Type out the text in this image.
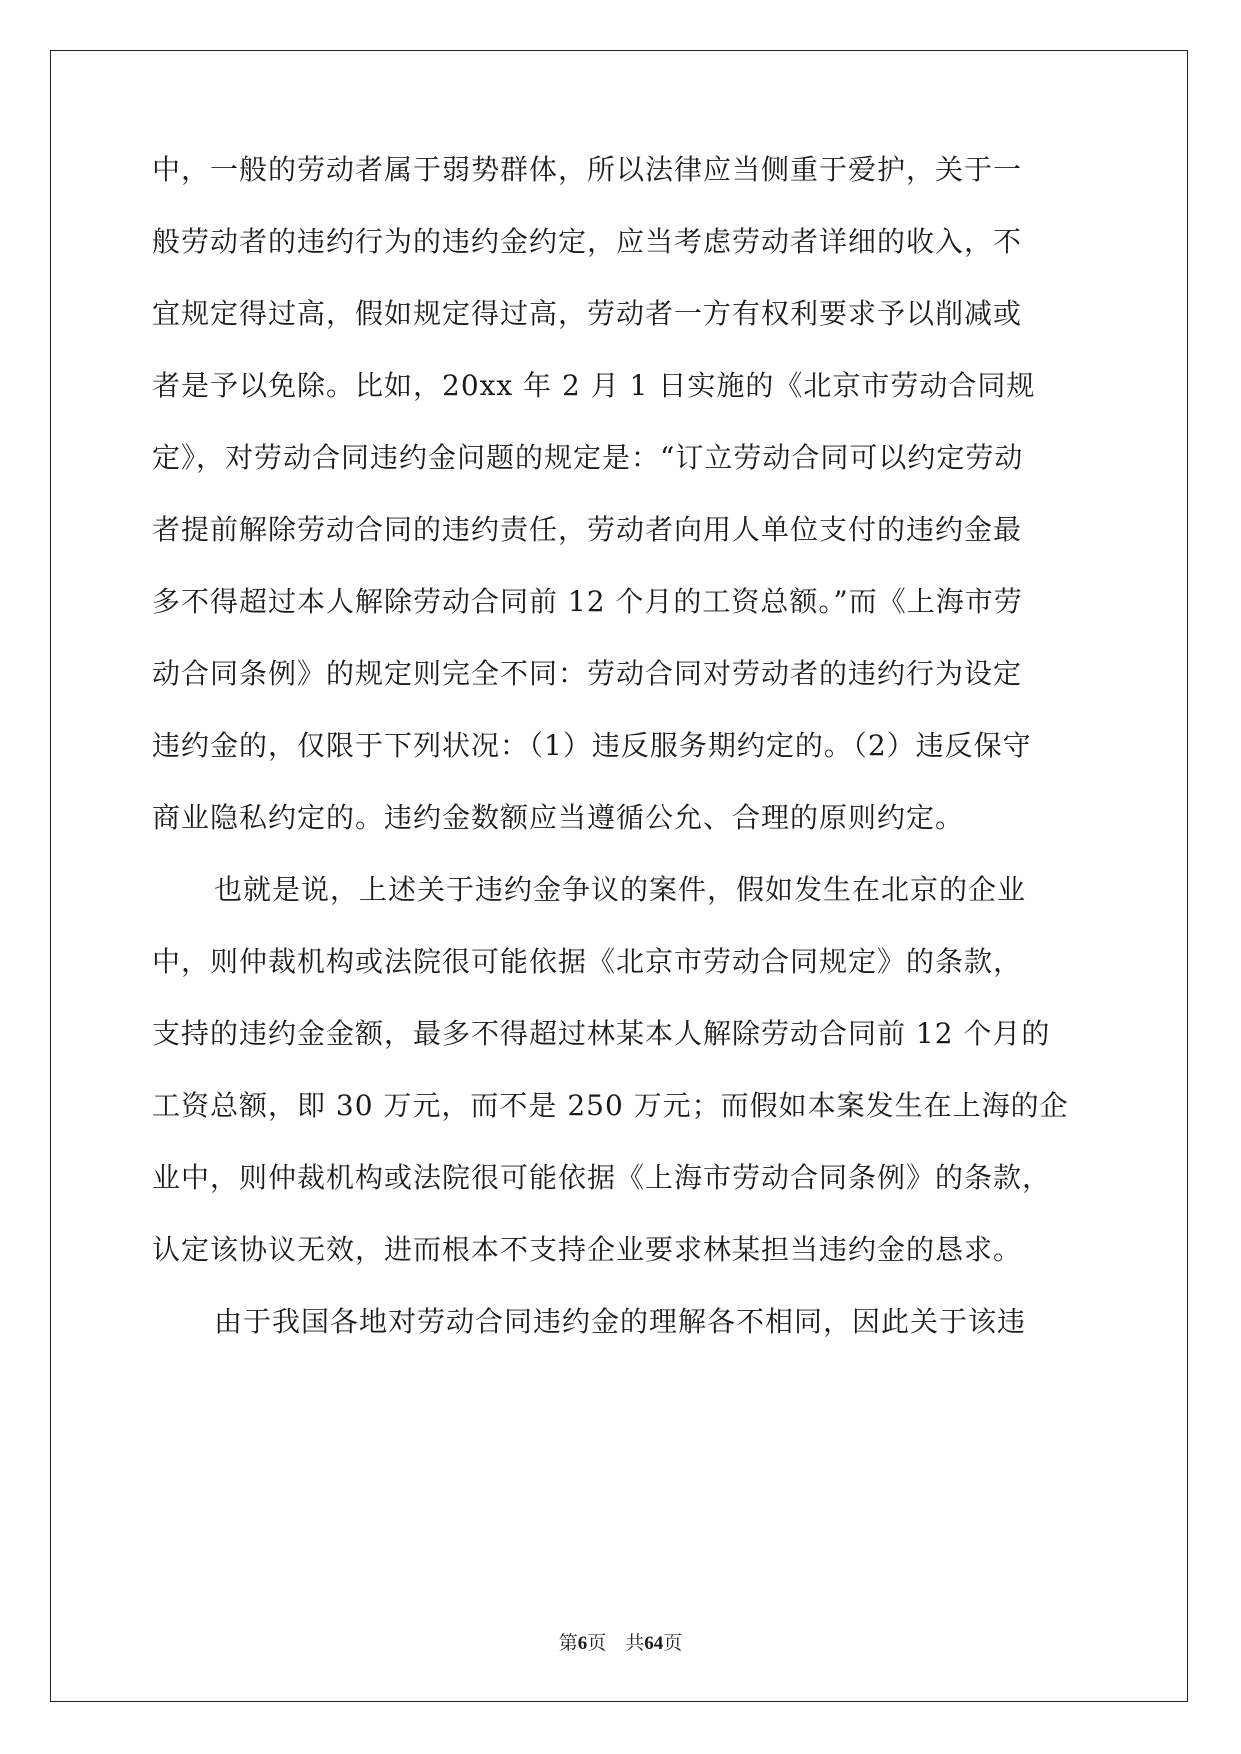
中，一般的劳动者属于弱势群体，所以法律应当侧重于爱护，关于一
般劳动者的违约行为的违约金约定，应当考虑劳动者详细的收入，不
宜规定得过高，假如规定得过高，劳动者一方有权利要求予以削减或
者是予以免除。比如，20xx 年 2 月 1 日实施的《北京市劳动合同规
定》，对劳动合同违约金问题的规定是：“订立劳动合同可以约定劳动
者提前解除劳动合同的违约责任，劳动者向用人单位支付的违约金最
多不得超过本人解除劳动合同前 12 个月的工资总额。”而《上海市劳
动合同条例》的规定则完全不同：劳动合同对劳动者的违约行为设定
违约金的，仅限于下列状况：（1）违反服务期约定的。（2）违反保守
商业隐私约定的。违约金数额应当遵循公允、合理的原则约定。
也就是说，上述关于违约金争议的案件，假如发生在北京的企业
中，则仲裁机构或法院很可能依据《北京市劳动合同规定》的条款，
支持的违约金金额，最多不得超过林某本人解除劳动合同前 12 个月的
工资总额，即 30 万元，而不是 250 万元；而假如本案发生在上海的企
业中，则仲裁机构或法院很可能依据《上海市劳动合同条例》的条款，
认定该协议无效，进而根本不支持企业要求林某担当违约金的恳求。
由于我国各地对劳动合同违约金的理解各不相同，因此关于该违
第6页 共64页
